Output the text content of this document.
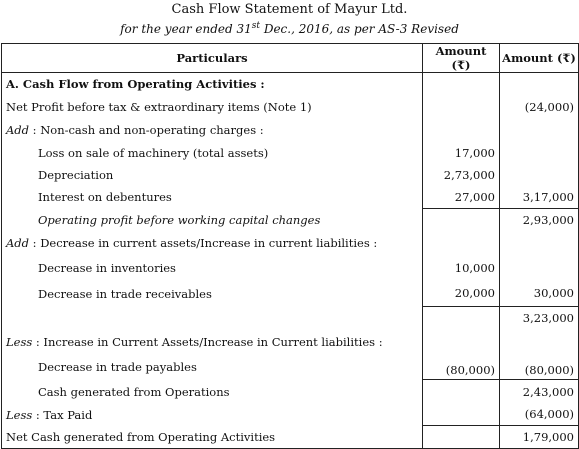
Cash Flow Statement of Mayur Ltd.
for the year ended 31st Dec., 2016, as per AS-3 Revised
Particulars	Amount (₹)	Amount (₹)
A. Cash Flow from Operating Activities :		
Net Profit before tax & extraordinary items (Note 1)		(24,000)
Add : Non-cash and non-operating charges :		
Loss on sale of machinery (total assets)	17,000	
Depreciation	2,73,000	
Interest on debentures	27,000	3,17,000
Operating profit before working capital changes		2,93,000
Add : Decrease in current assets/Increase in current liabilities :		
Decrease in inventories	10,000	
Decrease in trade receivables	20,000	30,000
		3,23,000
Less : Increase in Current Assets/Increase in Current liabilities :		
Decrease in trade payables	(80,000)	(80,000)
Cash generated from Operations		2,43,000
Less : Tax Paid		(64,000)
Net Cash generated from Operating Activities		1,79,000
